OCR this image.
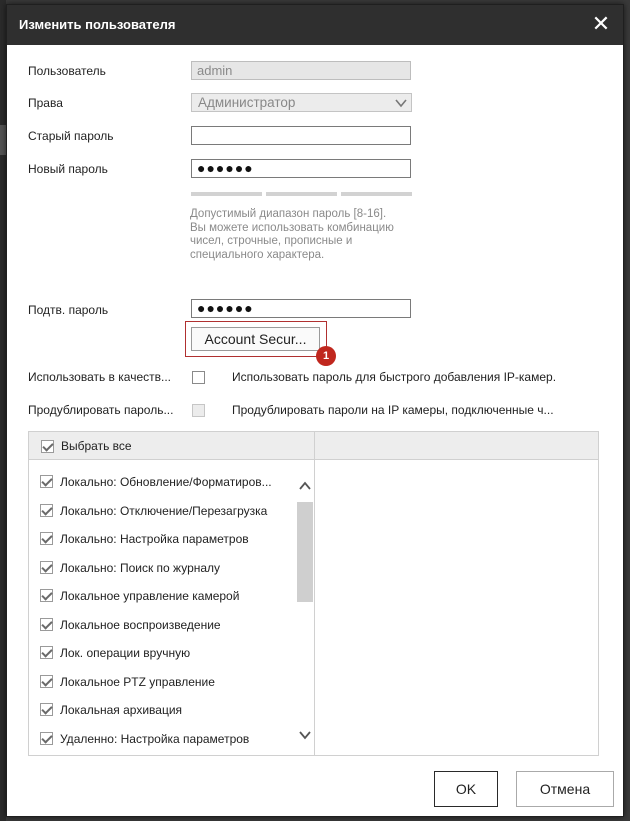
Изменить пользователя	✕
Пользователь	admin
Права	Администратор
Старый пароль
Новый пароль	●●●●●●
Допустимый диапазон пароль [8-16]. Вы можете использовать комбинацию чисел, строчные, прописные и специального характера.
Подтв. пароль	●●●●●●
Account Secur...
1
Использовать в качеств...	Использовать пароль для быстрого добавления IP-камер.
Продублировать пароль...	Продублировать пароли на IP камеры, подключенные ч...
Выбрать все
Локально: Обновление/Форматиров...
Локально: Отключение/Перезагрузка
Локально: Настройка параметров
Локально: Поиск по журналу
Локальное управление камерой
Локальное воспроизведение
Лок. операции вручную
Локальное PTZ управление
Локальная архивация
Удаленно: Настройка параметров
OK	Отмена
